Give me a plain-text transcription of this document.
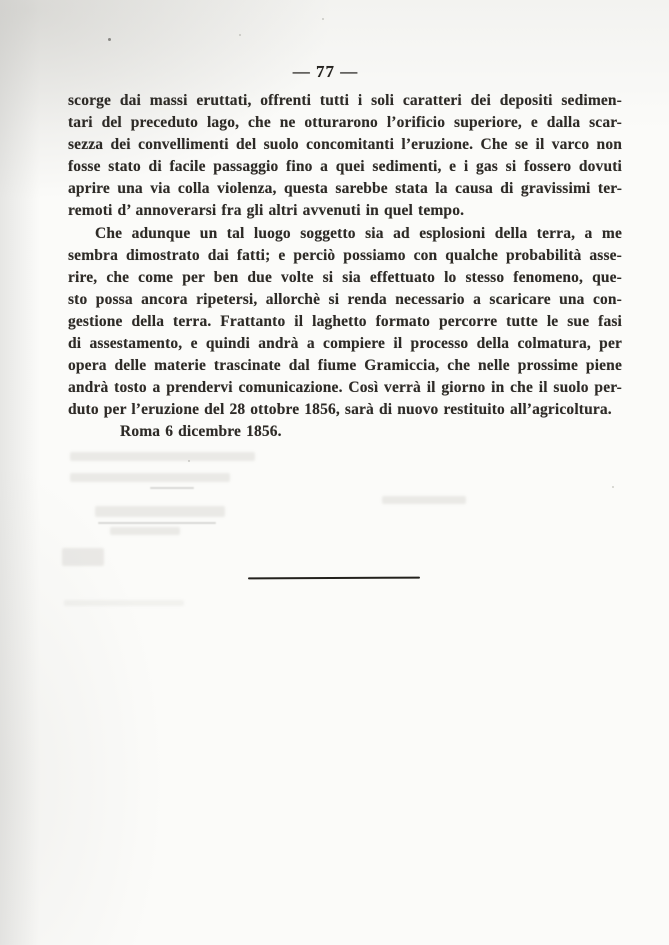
— 77 —
scorge dai massi eruttati, offrenti tutti i soli caratteri dei depositi sedimen-
tari del preceduto lago, che ne otturarono l’orificio superiore, e dalla scar-
sezza dei convellimenti del suolo concomitanti l’eruzione. Che se il varco non
fosse stato di facile passaggio fino a quei sedimenti, e i gas si fossero dovuti
aprire una via colla violenza, questa sarebbe stata la causa di gravissimi ter-
remoti d’ annoverarsi fra gli altri avvenuti in quel tempo.
Che adunque un tal luogo soggetto sia ad esplosioni della terra, a me
sembra dimostrato dai fatti; e perciò possiamo con qualche probabilità asse-
rire, che come per ben due volte si sia effettuato lo stesso fenomeno, que-
sto possa ancora ripetersi, allorchè si renda necessario a scaricare una con-
gestione della terra. Frattanto il laghetto formato percorre tutte le sue fasi
di assestamento, e quindi andrà a compiere il processo della colmatura, per
opera delle materie trascinate dal fiume Gramiccia, che nelle prossime piene
andrà tosto a prendervi comunicazione. Così verrà il giorno in che il suolo per-
duto per l’eruzione del 28 ottobre 1856, sarà di nuovo restituito all’agricoltura.
Roma 6 dicembre 1856.
